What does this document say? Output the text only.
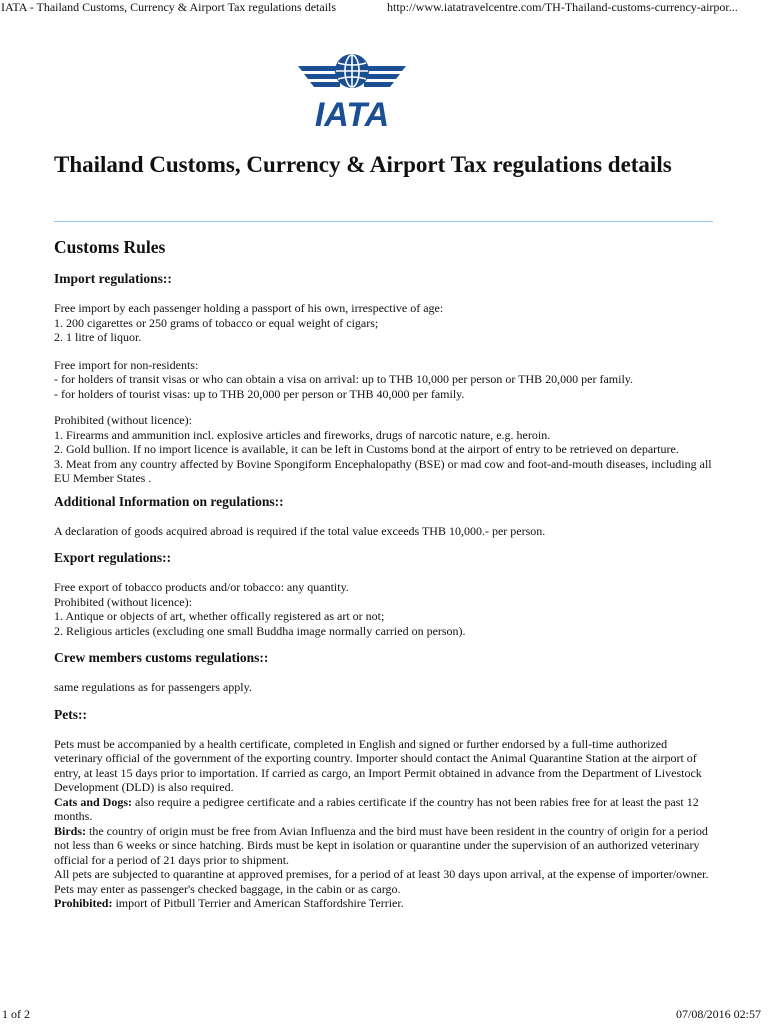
IATA - Thailand Customs, Currency & Airport Tax regulations details	http://www.iatatravelcentre.com/TH-Thailand-customs-currency-airpor...
IATA
Thailand Customs, Currency & Airport Tax regulations details
Customs Rules
Import regulations::

Free import by each passenger holding a passport of his own, irrespective of age:

1. 200 cigarettes or 250 grams of tobacco or equal weight of cigars;

2. 1 litre of liquor.

Free import for non-residents:

- for holders of transit visas or who can obtain a visa on arrival: up to THB 10,000 per person or THB 20,000 per family.

- for holders of tourist visas: up to THB 20,000 per person or THB 40,000 per family.

Prohibited (without licence):

1. Firearms and ammunition incl. explosive articles and fireworks, drugs of narcotic nature, e.g. heroin.

2. Gold bullion. If no import licence is available, it can be left in Customs bond at the airport of entry to be retrieved on departure.

3. Meat from any country affected by Bovine Spongiform Encephalopathy (BSE) or mad cow and foot-and-mouth diseases, including all EU Member States .

Additional Information on regulations::

A declaration of goods acquired abroad is required if the total value exceeds THB 10,000.- per person.

Export regulations::

Free export of tobacco products and/or tobacco: any quantity.

Prohibited (without licence):

1. Antique or objects of art, whether offically registered as art or not;

2. Religious articles (excluding one small Buddha image normally carried on person).

Crew members customs regulations::

same regulations as for passengers apply.

Pets::

Pets must be accompanied by a health certificate, completed in English and signed or further endorsed by a full-time authorized veterinary official of the government of the exporting country. Importer should contact the Animal Quarantine Station at the airport of entry, at least 15 days prior to importation. If carried as cargo, an Import Permit obtained in advance from the Department of Livestock Development (DLD) is also required.

Cats and Dogs: also require a pedigree certificate and a rabies certificate if the country has not been rabies free for at least the past 12 months.

Birds: the country of origin must be free from Avian Influenza and the bird must have been resident in the country of origin for a period not less than 6 weeks or since hatching. Birds must be kept in isolation or quarantine under the supervision of an authorized veterinary official for a period of 21 days prior to shipment.

All pets are subjected to quarantine at approved premises, for a period of at least 30 days upon arrival, at the expense of importer/owner.

Pets may enter as passenger's checked baggage, in the cabin or as cargo.

Prohibited: import of Pitbull Terrier and American Staffordshire Terrier.

1 of 2	07/08/2016 02:57
